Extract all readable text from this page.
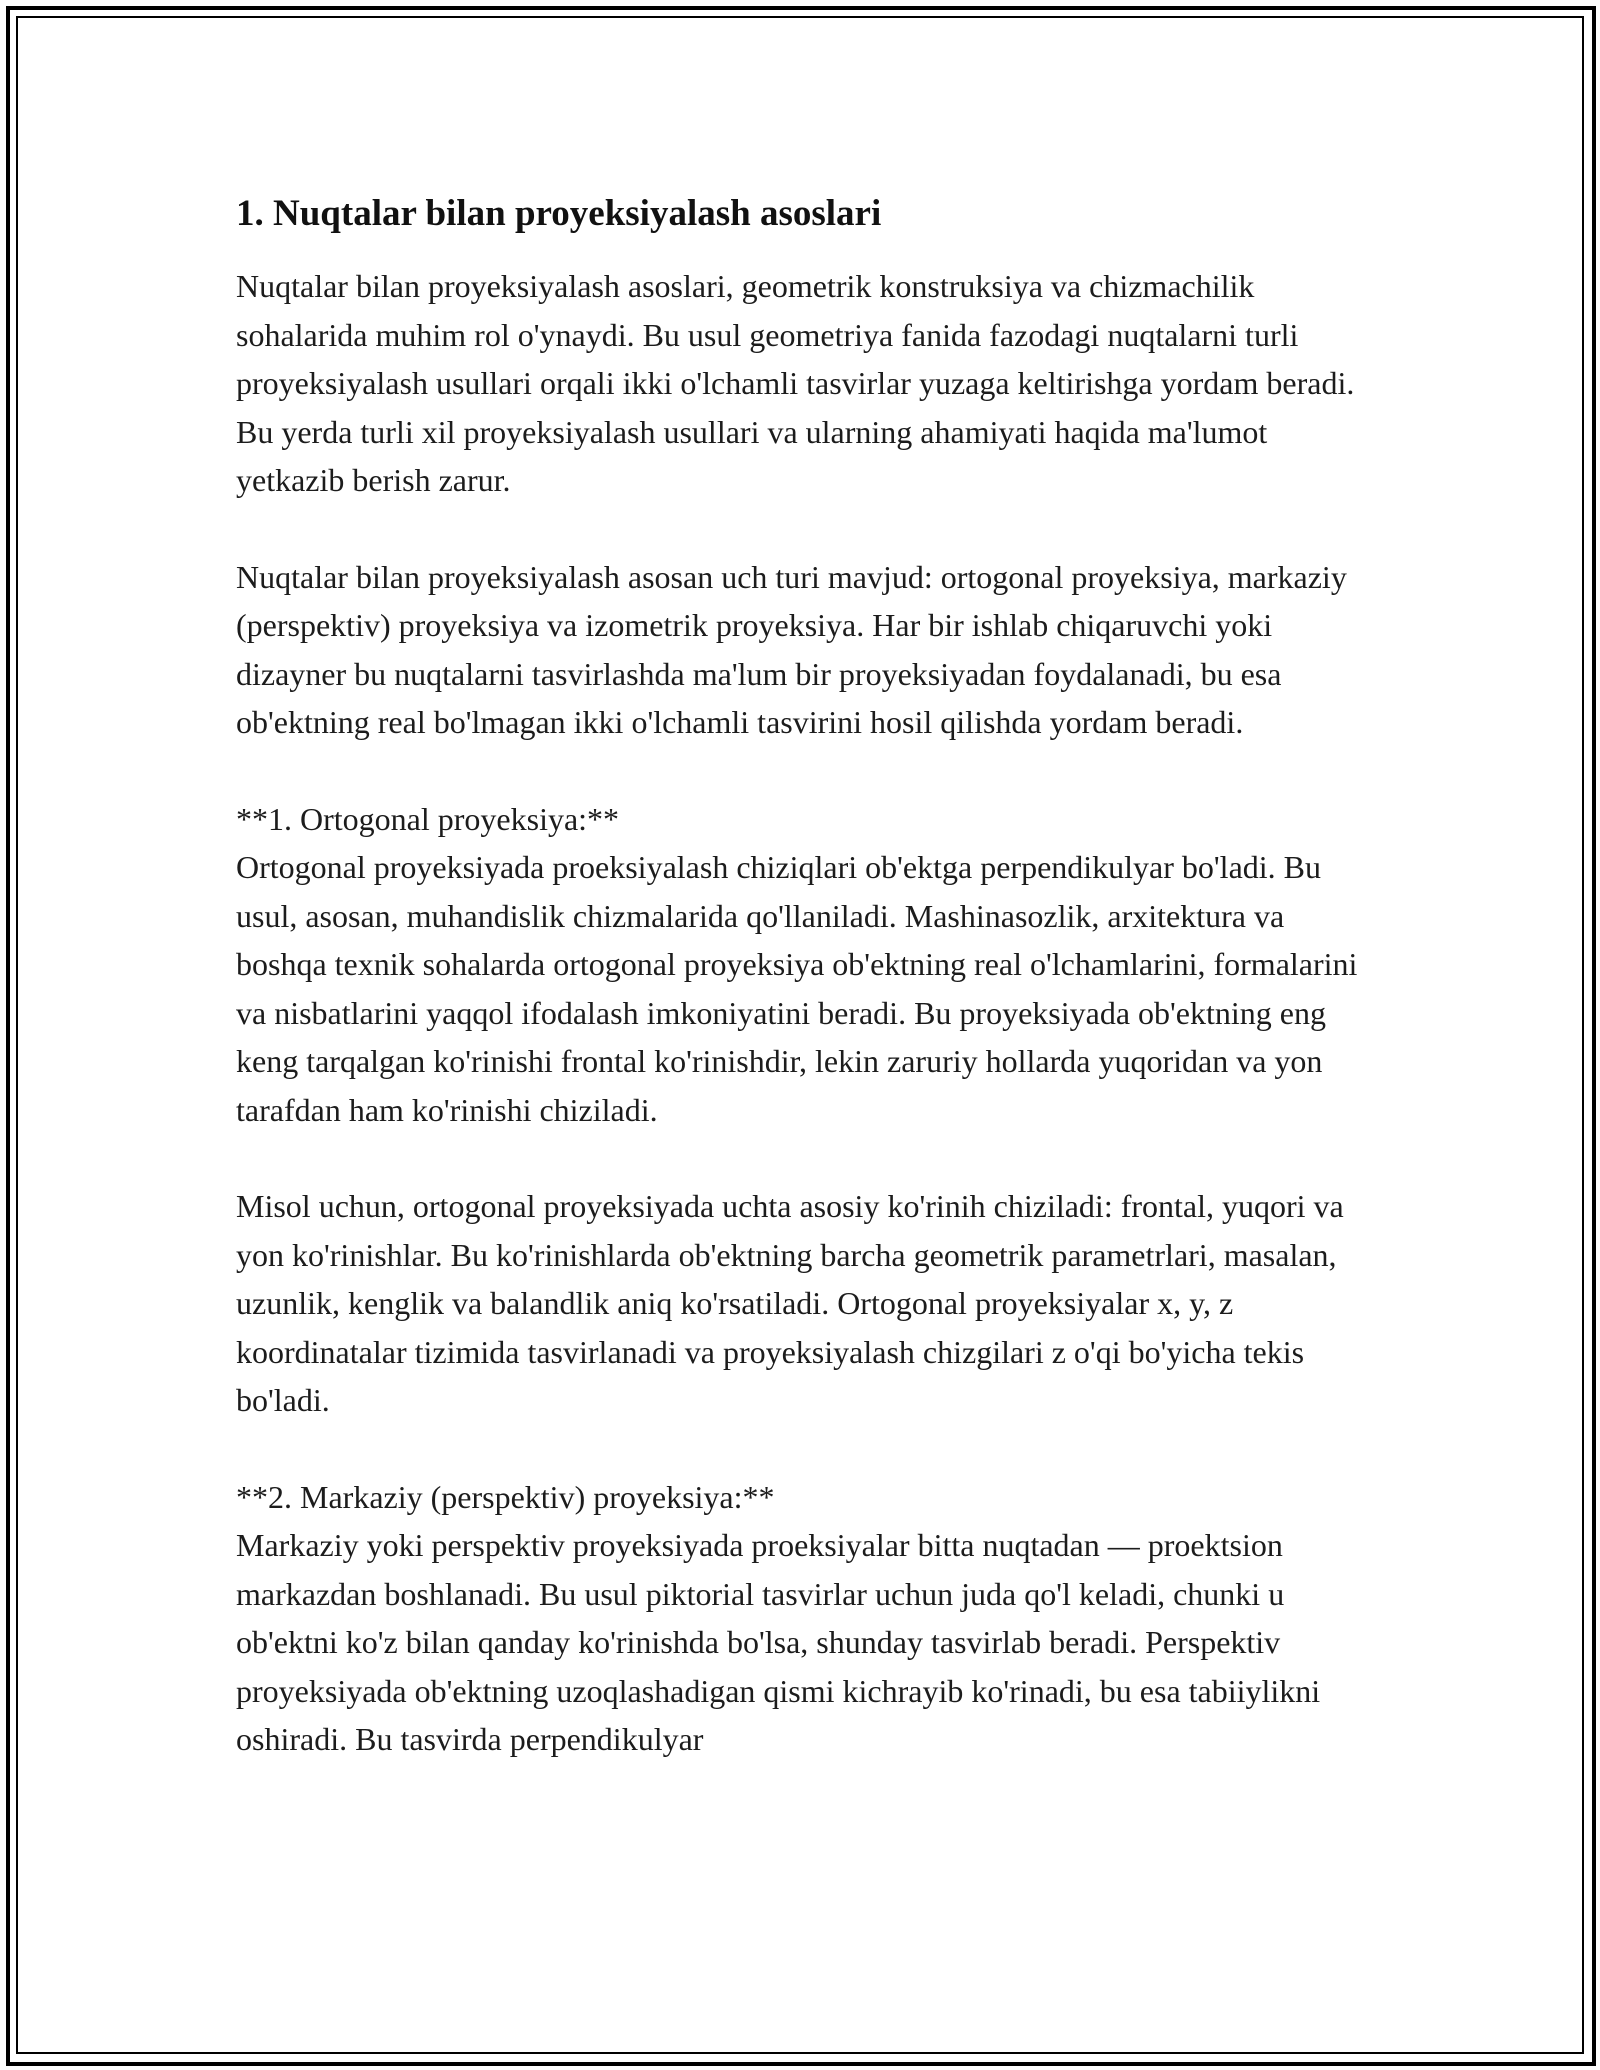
1. Nuqtalar bilan proyeksiyalash asoslari

Nuqtalar bilan proyeksiyalash asoslari, geometrik konstruksiya va chizmachilik sohalarida muhim rol o'ynaydi. Bu usul geometriya fanida fazodagi nuqtalarni turli proyeksiyalash usullari orqali ikki o'lchamli tasvirlar yuzaga keltirishga yordam beradi. Bu yerda turli xil proyeksiyalash usullari va ularning ahamiyati haqida ma'lumot yetkazib berish zarur.

Nuqtalar bilan proyeksiyalash asosan uch turi mavjud: ortogonal proyeksiya, markaziy (perspektiv) proyeksiya va izometrik proyeksiya. Har bir ishlab chiqaruvchi yoki dizayner bu nuqtalarni tasvirlashda ma'lum bir proyeksiyadan foydalanadi, bu esa ob'ektning real bo'lmagan ikki o'lchamli tasvirini hosil qilishda yordam beradi.

**1. Ortogonal proyeksiya:**
Ortogonal proyeksiyada proeksiyalash chiziqlari ob'ektga perpendikulyar bo'ladi. Bu usul, asosan, muhandislik chizmalarida qo'llaniladi. Mashinasozlik, arxitektura va boshqa texnik sohalarda ortogonal proyeksiya ob'ektning real o'lchamlarini, formalarini va nisbatlarini yaqqol ifodalash imkoniyatini beradi. Bu proyeksiyada ob'ektning eng keng tarqalgan ko'rinishi frontal ko'rinishdir, lekin zaruriy hollarda yuqoridan va yon tarafdan ham ko'rinishi chiziladi.

Misol uchun, ortogonal proyeksiyada uchta asosiy ko'rinih chiziladi: frontal, yuqori va yon ko'rinishlar. Bu ko'rinishlarda ob'ektning barcha geometrik parametrlari, masalan, uzunlik, kenglik va balandlik aniq ko'rsatiladi. Ortogonal proyeksiyalar x, y, z koordinatalar tizimida tasvirlanadi va proyeksiyalash chizgilari z o'qi bo'yicha tekis bo'ladi.

**2. Markaziy (perspektiv) proyeksiya:**
Markaziy yoki perspektiv proyeksiyada proeksiyalar bitta nuqtadan — proektsion markazdan boshlanadi. Bu usul piktorial tasvirlar uchun juda qo'l keladi, chunki u ob'ektni ko'z bilan qanday ko'rinishda bo'lsa, shunday tasvirlab beradi. Perspektiv proyeksiyada ob'ektning uzoqlashadigan qismi kichrayib ko'rinadi, bu esa tabiiylikni oshiradi. Bu tasvirda perpendikulyar
